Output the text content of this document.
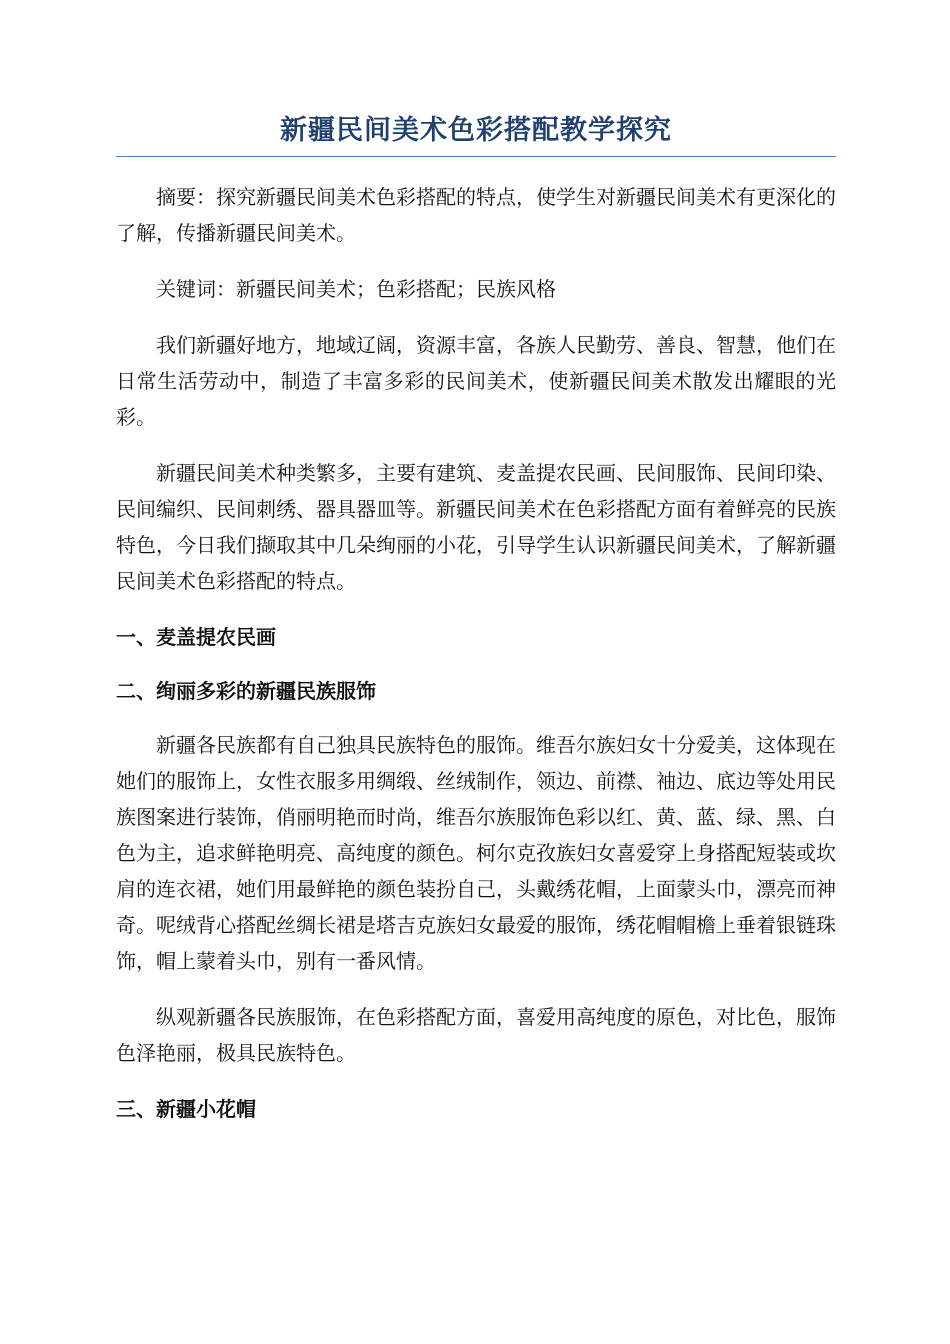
新疆民间美术色彩搭配教学探究

摘要：探究新疆民间美术色彩搭配的特点，使学生对新疆民间美术有更深化的了解，传播新疆民间美术。

关键词：新疆民间美术；色彩搭配；民族风格

我们新疆好地方，地域辽阔，资源丰富，各族人民勤劳、善良、智慧，他们在日常生活劳动中，制造了丰富多彩的民间美术，使新疆民间美术散发出耀眼的光彩。

新疆民间美术种类繁多，主要有建筑、麦盖提农民画、民间服饰、民间印染、民间编织、民间刺绣、器具器皿等。新疆民间美术在色彩搭配方面有着鲜亮的民族特色，今日我们撷取其中几朵绚丽的小花，引导学生认识新疆民间美术，了解新疆民间美术色彩搭配的特点。

一、麦盖提农民画
二、绚丽多彩的新疆民族服饰

新疆各民族都有自己独具民族特色的服饰。维吾尔族妇女十分爱美，这体现在她们的服饰上，女性衣服多用绸缎、丝绒制作，领边、前襟、袖边、底边等处用民族图案进行装饰，俏丽明艳而时尚，维吾尔族服饰色彩以红、黄、蓝、绿、黑、白色为主，追求鲜艳明亮、高纯度的颜色。柯尔克孜族妇女喜爱穿上身搭配短装或坎肩的连衣裙，她们用最鲜艳的颜色装扮自己，头戴绣花帽，上面蒙头巾，漂亮而神奇。呢绒背心搭配丝绸长裙是塔吉克族妇女最爱的服饰，绣花帽帽檐上垂着银链珠饰，帽上蒙着头巾，别有一番风情。

纵观新疆各民族服饰，在色彩搭配方面，喜爱用高纯度的原色，对比色，服饰色泽艳丽，极具民族特色。

三、新疆小花帽
